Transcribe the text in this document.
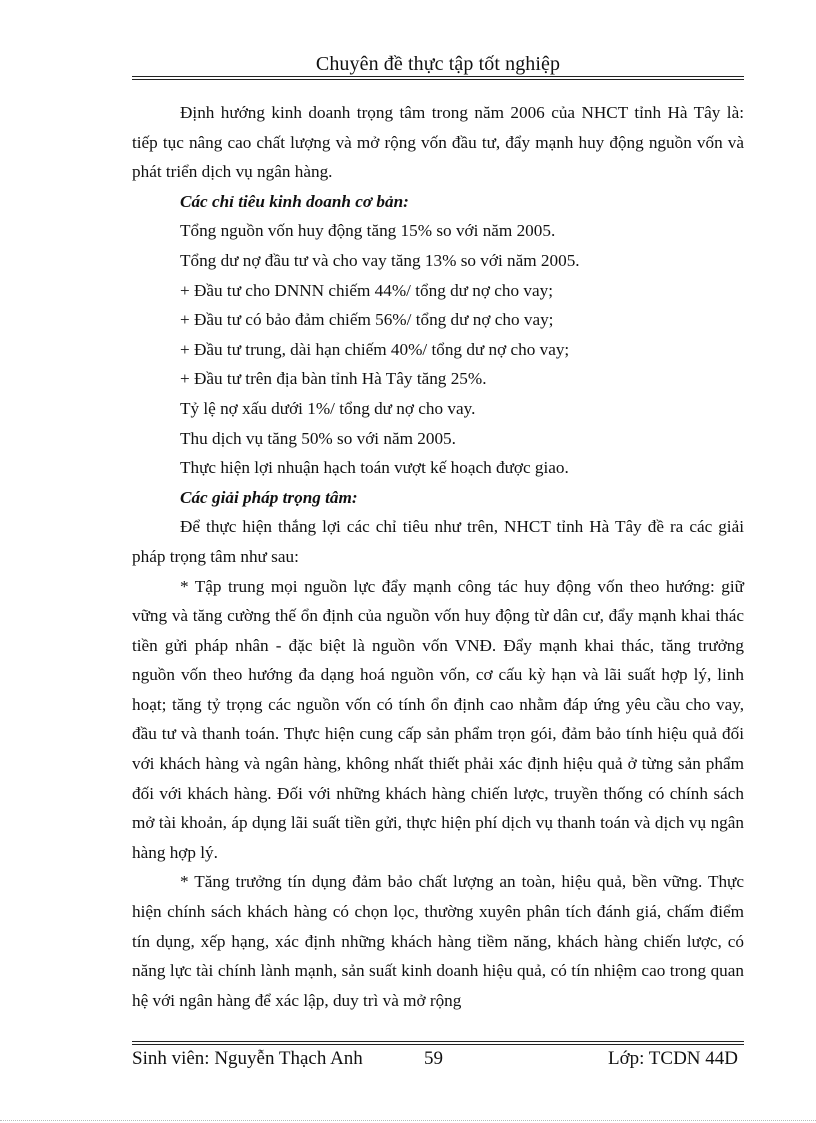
Chuyên đề thực tập tốt nghiệp

Định hướng kinh doanh trọng tâm trong năm 2006 của NHCT tỉnh Hà Tây là: tiếp tục nâng cao chất lượng và mở rộng vốn đầu tư, đẩy mạnh huy động nguồn vốn và phát triển dịch vụ ngân hàng.

Các chỉ tiêu kinh doanh cơ bản:

Tổng nguồn vốn huy động tăng 15% so với năm 2005.

Tổng dư nợ đầu tư và cho vay tăng 13% so với năm 2005.

+ Đầu tư cho DNNN chiếm 44%/ tổng dư nợ cho vay;

+ Đầu tư có bảo đảm chiếm 56%/ tổng dư nợ cho vay;

+ Đầu tư trung, dài hạn chiếm 40%/ tổng dư nợ cho vay;

+ Đầu tư trên địa bàn tỉnh Hà Tây tăng 25%.

Tỷ lệ nợ xấu dưới 1%/ tổng dư nợ cho vay.

Thu dịch vụ tăng 50% so với năm 2005.

Thực hiện lợi nhuận hạch toán vượt kế hoạch được giao.

Các giải pháp trọng tâm:

Để thực hiện thắng lợi các chỉ tiêu như trên, NHCT tỉnh Hà Tây đề ra các giải pháp trọng tâm như sau:

* Tập trung mọi nguồn lực đẩy mạnh công tác huy động vốn theo hướng: giữ vững và tăng cường thế ổn định của nguồn vốn huy động từ dân cư, đẩy mạnh khai thác tiền gửi pháp nhân - đặc biệt là nguồn vốn VNĐ. Đẩy mạnh khai thác, tăng trưởng nguồn vốn theo hướng đa dạng hoá nguồn vốn, cơ cấu kỳ hạn và lãi suất hợp lý, linh hoạt; tăng tỷ trọng các nguồn vốn có tính ổn định cao nhằm đáp ứng yêu cầu cho vay, đầu tư và thanh toán. Thực hiện cung cấp sản phẩm trọn gói, đảm bảo tính hiệu quả đối với khách hàng và ngân hàng, không nhất thiết phải xác định hiệu quả ở từng sản phẩm đối với khách hàng. Đối với những khách hàng chiến lược, truyền thống có chính sách mở tài khoản, áp dụng lãi suất tiền gửi, thực hiện phí dịch vụ thanh toán và dịch vụ ngân hàng hợp lý.

* Tăng trưởng tín dụng đảm bảo chất lượng an toàn, hiệu quả, bền vững. Thực hiện chính sách khách hàng có chọn lọc, thường xuyên phân tích đánh giá, chấm điểm tín dụng, xếp hạng, xác định những khách hàng tiềm năng, khách hàng chiến lược, có năng lực tài chính lành mạnh, sản suất kinh doanh hiệu quả, có tín nhiệm cao trong quan hệ với ngân hàng để xác lập, duy trì và mở rộng

Sinh viên: Nguyễn Thạch Anh	59	Lớp: TCDN 44D
